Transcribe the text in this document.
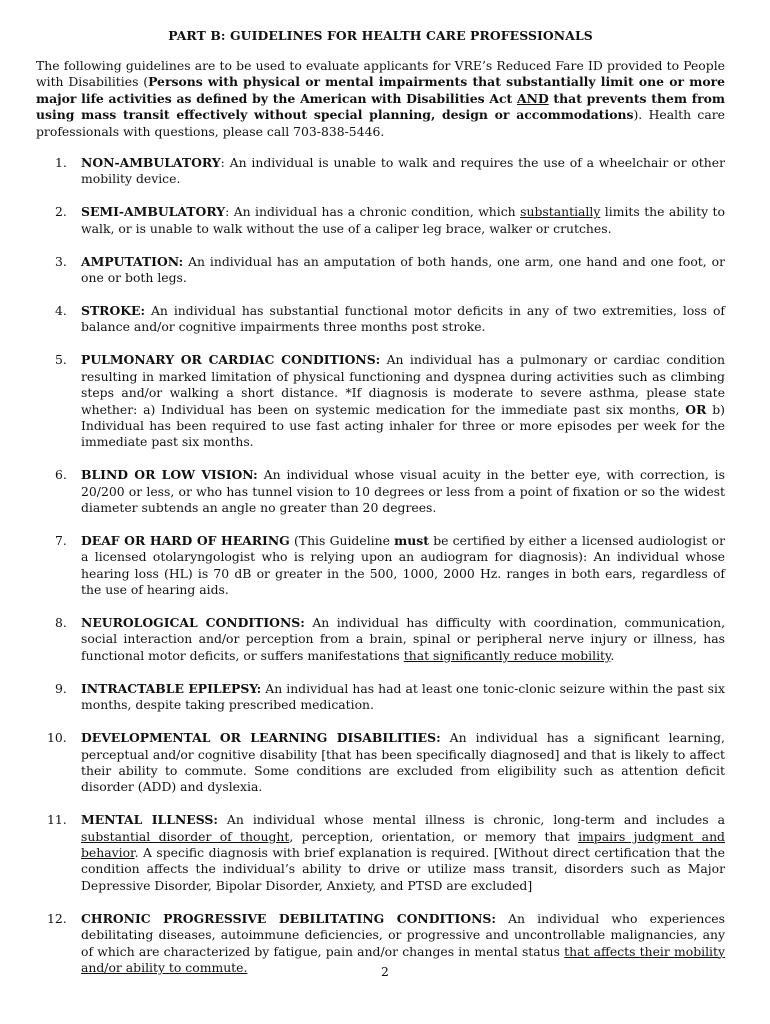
PART B: GUIDELINES FOR HEALTH CARE PROFESSIONALS

The following guidelines are to be used to evaluate applicants for VRE’s Reduced Fare ID provided to People with Disabilities (Persons with physical or mental impairments that substantially limit one or more major life activities as defined by the American with Disabilities Act AND that prevents them from using mass transit effectively without special planning, design or accommodations). Health care professionals with questions, please call 703-838-5446.

1. NON-AMBULATORY: An individual is unable to walk and requires the use of a wheelchair or other mobility device.
2. SEMI-AMBULATORY: An individual has a chronic condition, which substantially limits the ability to walk, or is unable to walk without the use of a caliper leg brace, walker or crutches.
3. AMPUTATION: An individual has an amputation of both hands, one arm, one hand and one foot, or one or both legs.
4. STROKE: An individual has substantial functional motor deficits in any of two extremities, loss of balance and/or cognitive impairments three months post stroke.
5. PULMONARY OR CARDIAC CONDITIONS: An individual has a pulmonary or cardiac condition resulting in marked limitation of physical functioning and dyspnea during activities such as climbing steps and/or walking a short distance. *If diagnosis is moderate to severe asthma, please state whether: a) Individual has been on systemic medication for the immediate past six months, OR b) Individual has been required to use fast acting inhaler for three or more episodes per week for the immediate past six months.
6. BLIND OR LOW VISION: An individual whose visual acuity in the better eye, with correction, is 20/200 or less, or who has tunnel vision to 10 degrees or less from a point of fixation or so the widest diameter subtends an angle no greater than 20 degrees.
7. DEAF OR HARD OF HEARING (This Guideline must be certified by either a licensed audiologist or a licensed otolaryngologist who is relying upon an audiogram for diagnosis): An individual whose hearing loss (HL) is 70 dB or greater in the 500, 1000, 2000 Hz. ranges in both ears, regardless of the use of hearing aids.
8. NEUROLOGICAL CONDITIONS: An individual has difficulty with coordination, communication, social interaction and/or perception from a brain, spinal or peripheral nerve injury or illness, has functional motor deficits, or suffers manifestations that significantly reduce mobility.
9. INTRACTABLE EPILEPSY: An individual has had at least one tonic-clonic seizure within the past six months, despite taking prescribed medication.
10. DEVELOPMENTAL OR LEARNING DISABILITIES: An individual has a significant learning, perceptual and/or cognitive disability [that has been specifically diagnosed] and that is likely to affect their ability to commute. Some conditions are excluded from eligibility such as attention deficit disorder (ADD) and dyslexia.
11. MENTAL ILLNESS: An individual whose mental illness is chronic, long-term and includes a substantial disorder of thought, perception, orientation, or memory that impairs judgment and behavior. A specific diagnosis with brief explanation is required. [Without direct certification that the condition affects the individual’s ability to drive or utilize mass transit, disorders such as Major Depressive Disorder, Bipolar Disorder, Anxiety, and PTSD are excluded]
12. CHRONIC PROGRESSIVE DEBILITATING CONDITIONS: An individual who experiences debilitating diseases, autoimmune deficiencies, or progressive and uncontrollable malignancies, any of which are characterized by fatigue, pain and/or changes in mental status that affects their mobility and/or ability to commute.	2
